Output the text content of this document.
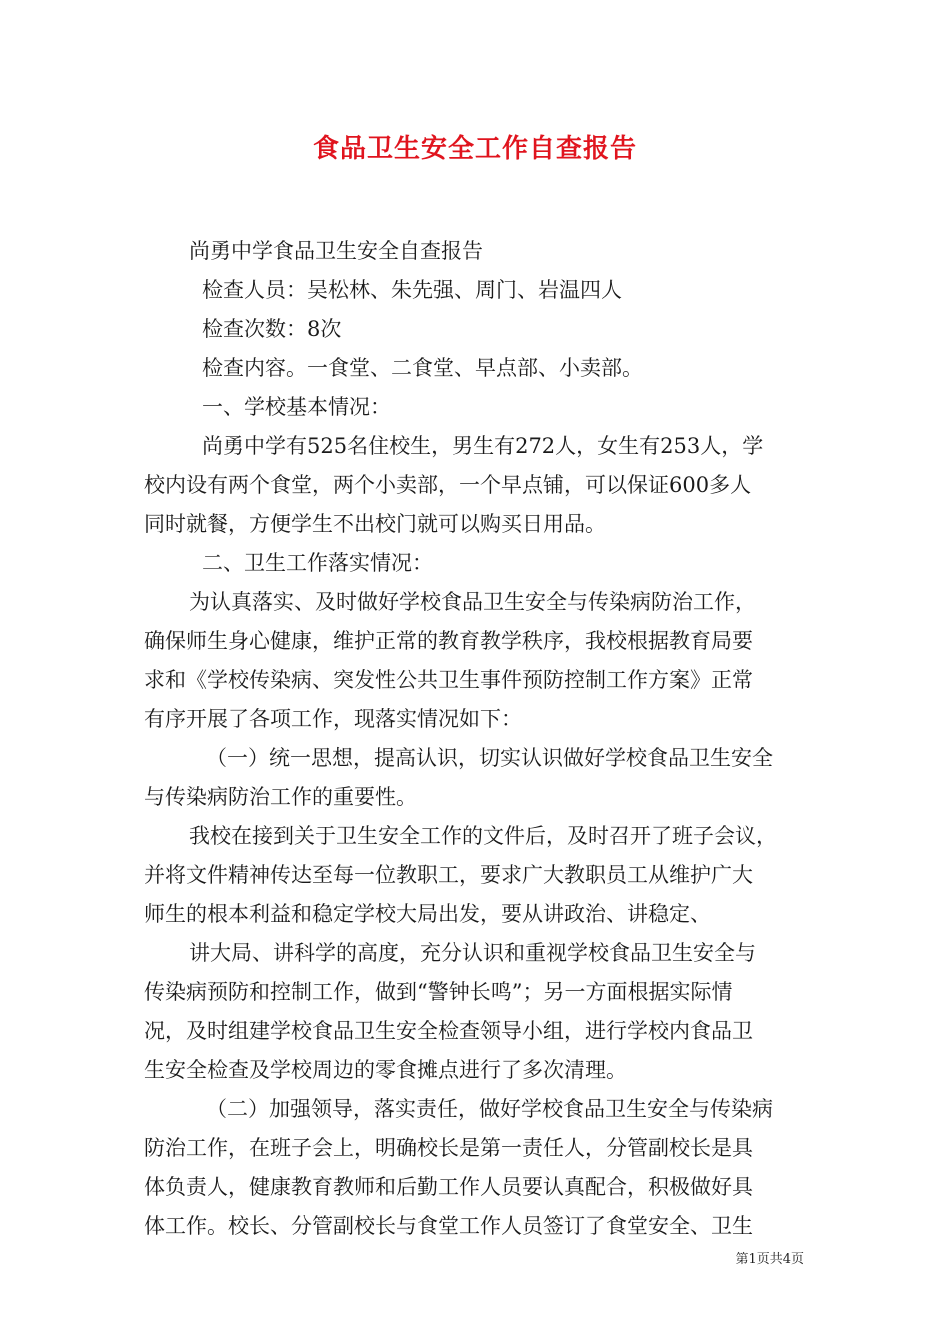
食品卫生安全工作自查报告
尚勇中学食品卫生安全自查报告
检查人员：吴松林、朱先强、周门、岩温四人
检查次数：8次
检查内容。一食堂、二食堂、早点部、小卖部。
一、学校基本情况：
尚勇中学有525名住校生，男生有272人，女生有253人，学
校内设有两个食堂，两个小卖部，一个早点铺，可以保证600多人
同时就餐，方便学生不出校门就可以购买日用品。
二、卫生工作落实情况：
为认真落实、及时做好学校食品卫生安全与传染病防治工作，
确保师生身心健康，维护正常的教育教学秩序，我校根据教育局要
求和《学校传染病、突发性公共卫生事件预防控制工作方案》正常
有序开展了各项工作，现落实情况如下：
（一）统一思想，提高认识，切实认识做好学校食品卫生安全
与传染病防治工作的重要性。
我校在接到关于卫生安全工作的文件后，及时召开了班子会议，
并将文件精神传达至每一位教职工，要求广大教职员工从维护广大
师生的根本利益和稳定学校大局出发，要从讲政治、讲稳定、
讲大局、讲科学的高度，充分认识和重视学校食品卫生安全与
传染病预防和控制工作，做到“警钟长鸣”；另一方面根据实际情
况，及时组建学校食品卫生安全检查领导小组，进行学校内食品卫
生安全检查及学校周边的零食摊点进行了多次清理。
（二）加强领导，落实责任，做好学校食品卫生安全与传染病
防治工作，在班子会上，明确校长是第一责任人，分管副校长是具
体负责人，健康教育教师和后勤工作人员要认真配合，积极做好具
体工作。校长、分管副校长与食堂工作人员签订了食堂安全、卫生
第1页共4页
